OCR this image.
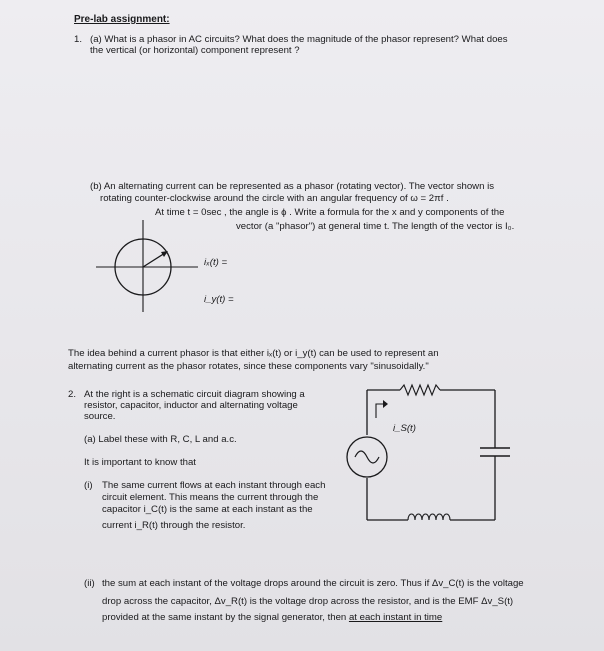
Pre-lab assignment:
1. (a) What is a phasor in AC circuits? What does the magnitude of the phasor represent? What does
the vertical (or horizontal) component represent ?
(b) An alternating current can be represented as a phasor (rotating vector). The vector shown is
rotating counter-clockwise around the circle with an angular frequency of ω = 2πf .
At time t = 0sec , the angle is ϕ . Write a formula for the x and y components of the
vector (a "phasor") at general time t. The length of the vector is I₀.
iₓ(t) =
i_y(t) =
The idea behind a current phasor is that either iₓ(t) or i_y(t) can be used to represent an
alternating current as the phasor rotates, since these components vary "sinusoidally."
2. At the right is a schematic circuit diagram showing a
resistor, capacitor, inductor and alternating voltage
source.
(a) Label these with R, C, L and a.c.
It is important to know that
(i) The same current flows at each instant through each
circuit element. This means the current through the
capacitor i_C(t) is the same at each instant as the
current i_R(t) through the resistor.
i_S(t)
(ii) the sum at each instant of the voltage drops around the circuit is zero. Thus if Δv_C(t) is the voltage
drop across the capacitor, Δv_R(t) is the voltage drop across the resistor, and is the EMF Δv_S(t)
provided at the same instant by the signal generator, then at each instant in time
